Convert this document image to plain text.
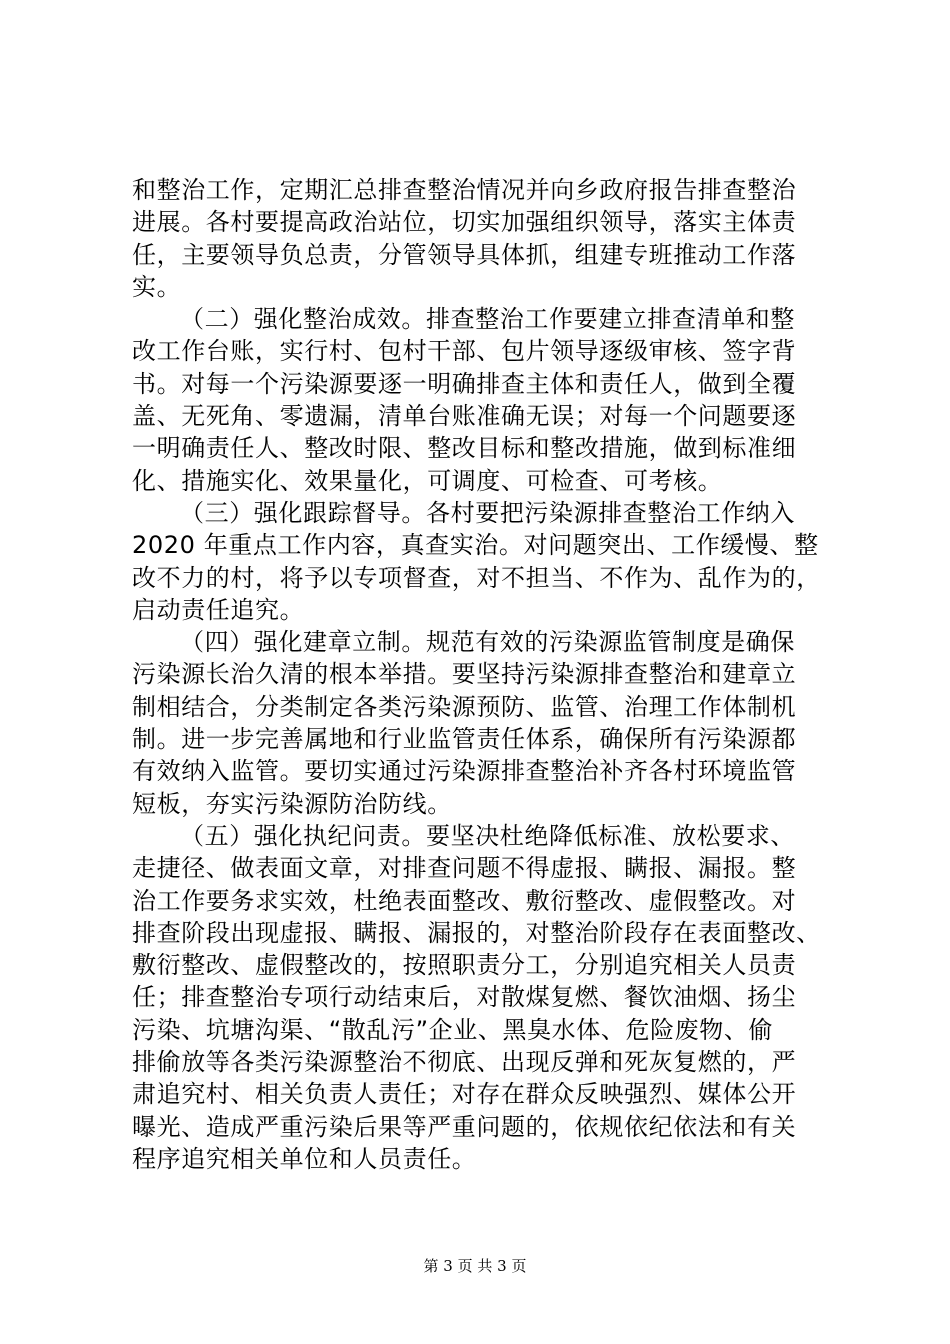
和整治工作，定期汇总排查整治情况并向乡政府报告排查整治
进展。各村要提高政治站位，切实加强组织领导，落实主体责
任，主要领导负总责，分管领导具体抓，组建专班推动工作落
实。
（二）强化整治成效。排查整治工作要建立排查清单和整
改工作台账，实行村、包村干部、包片领导逐级审核、签字背
书。对每一个污染源要逐一明确排查主体和责任人，做到全覆
盖、无死角、零遗漏，清单台账准确无误；对每一个问题要逐
一明确责任人、整改时限、整改目标和整改措施，做到标准细
化、措施实化、效果量化，可调度、可检查、可考核。
（三）强化跟踪督导。各村要把污染源排查整治工作纳入
2020 年重点工作内容，真查实治。对问题突出、工作缓慢、整
改不力的村，将予以专项督查，对不担当、不作为、乱作为的，
启动责任追究。
（四）强化建章立制。规范有效的污染源监管制度是确保
污染源长治久清的根本举措。要坚持污染源排查整治和建章立
制相结合，分类制定各类污染源预防、监管、治理工作体制机
制。进一步完善属地和行业监管责任体系，确保所有污染源都
有效纳入监管。要切实通过污染源排查整治补齐各村环境监管
短板，夯实污染源防治防线。
（五）强化执纪问责。要坚决杜绝降低标准、放松要求、
走捷径、做表面文章，对排查问题不得虚报、瞒报、漏报。整
治工作要务求实效，杜绝表面整改、敷衍整改、虚假整改。对
排查阶段出现虚报、瞒报、漏报的，对整治阶段存在表面整改、
敷衍整改、虚假整改的，按照职责分工，分别追究相关人员责
任；排查整治专项行动结束后，对散煤复燃、餐饮油烟、扬尘
污染、坑塘沟渠、“散乱污”企业、黑臭水体、危险废物、偷
排偷放等各类污染源整治不彻底、出现反弹和死灰复燃的，严
肃追究村、相关负责人责任；对存在群众反映强烈、媒体公开
曝光、造成严重污染后果等严重问题的，依规依纪依法和有关
程序追究相关单位和人员责任。
第 3 页 共 3 页
